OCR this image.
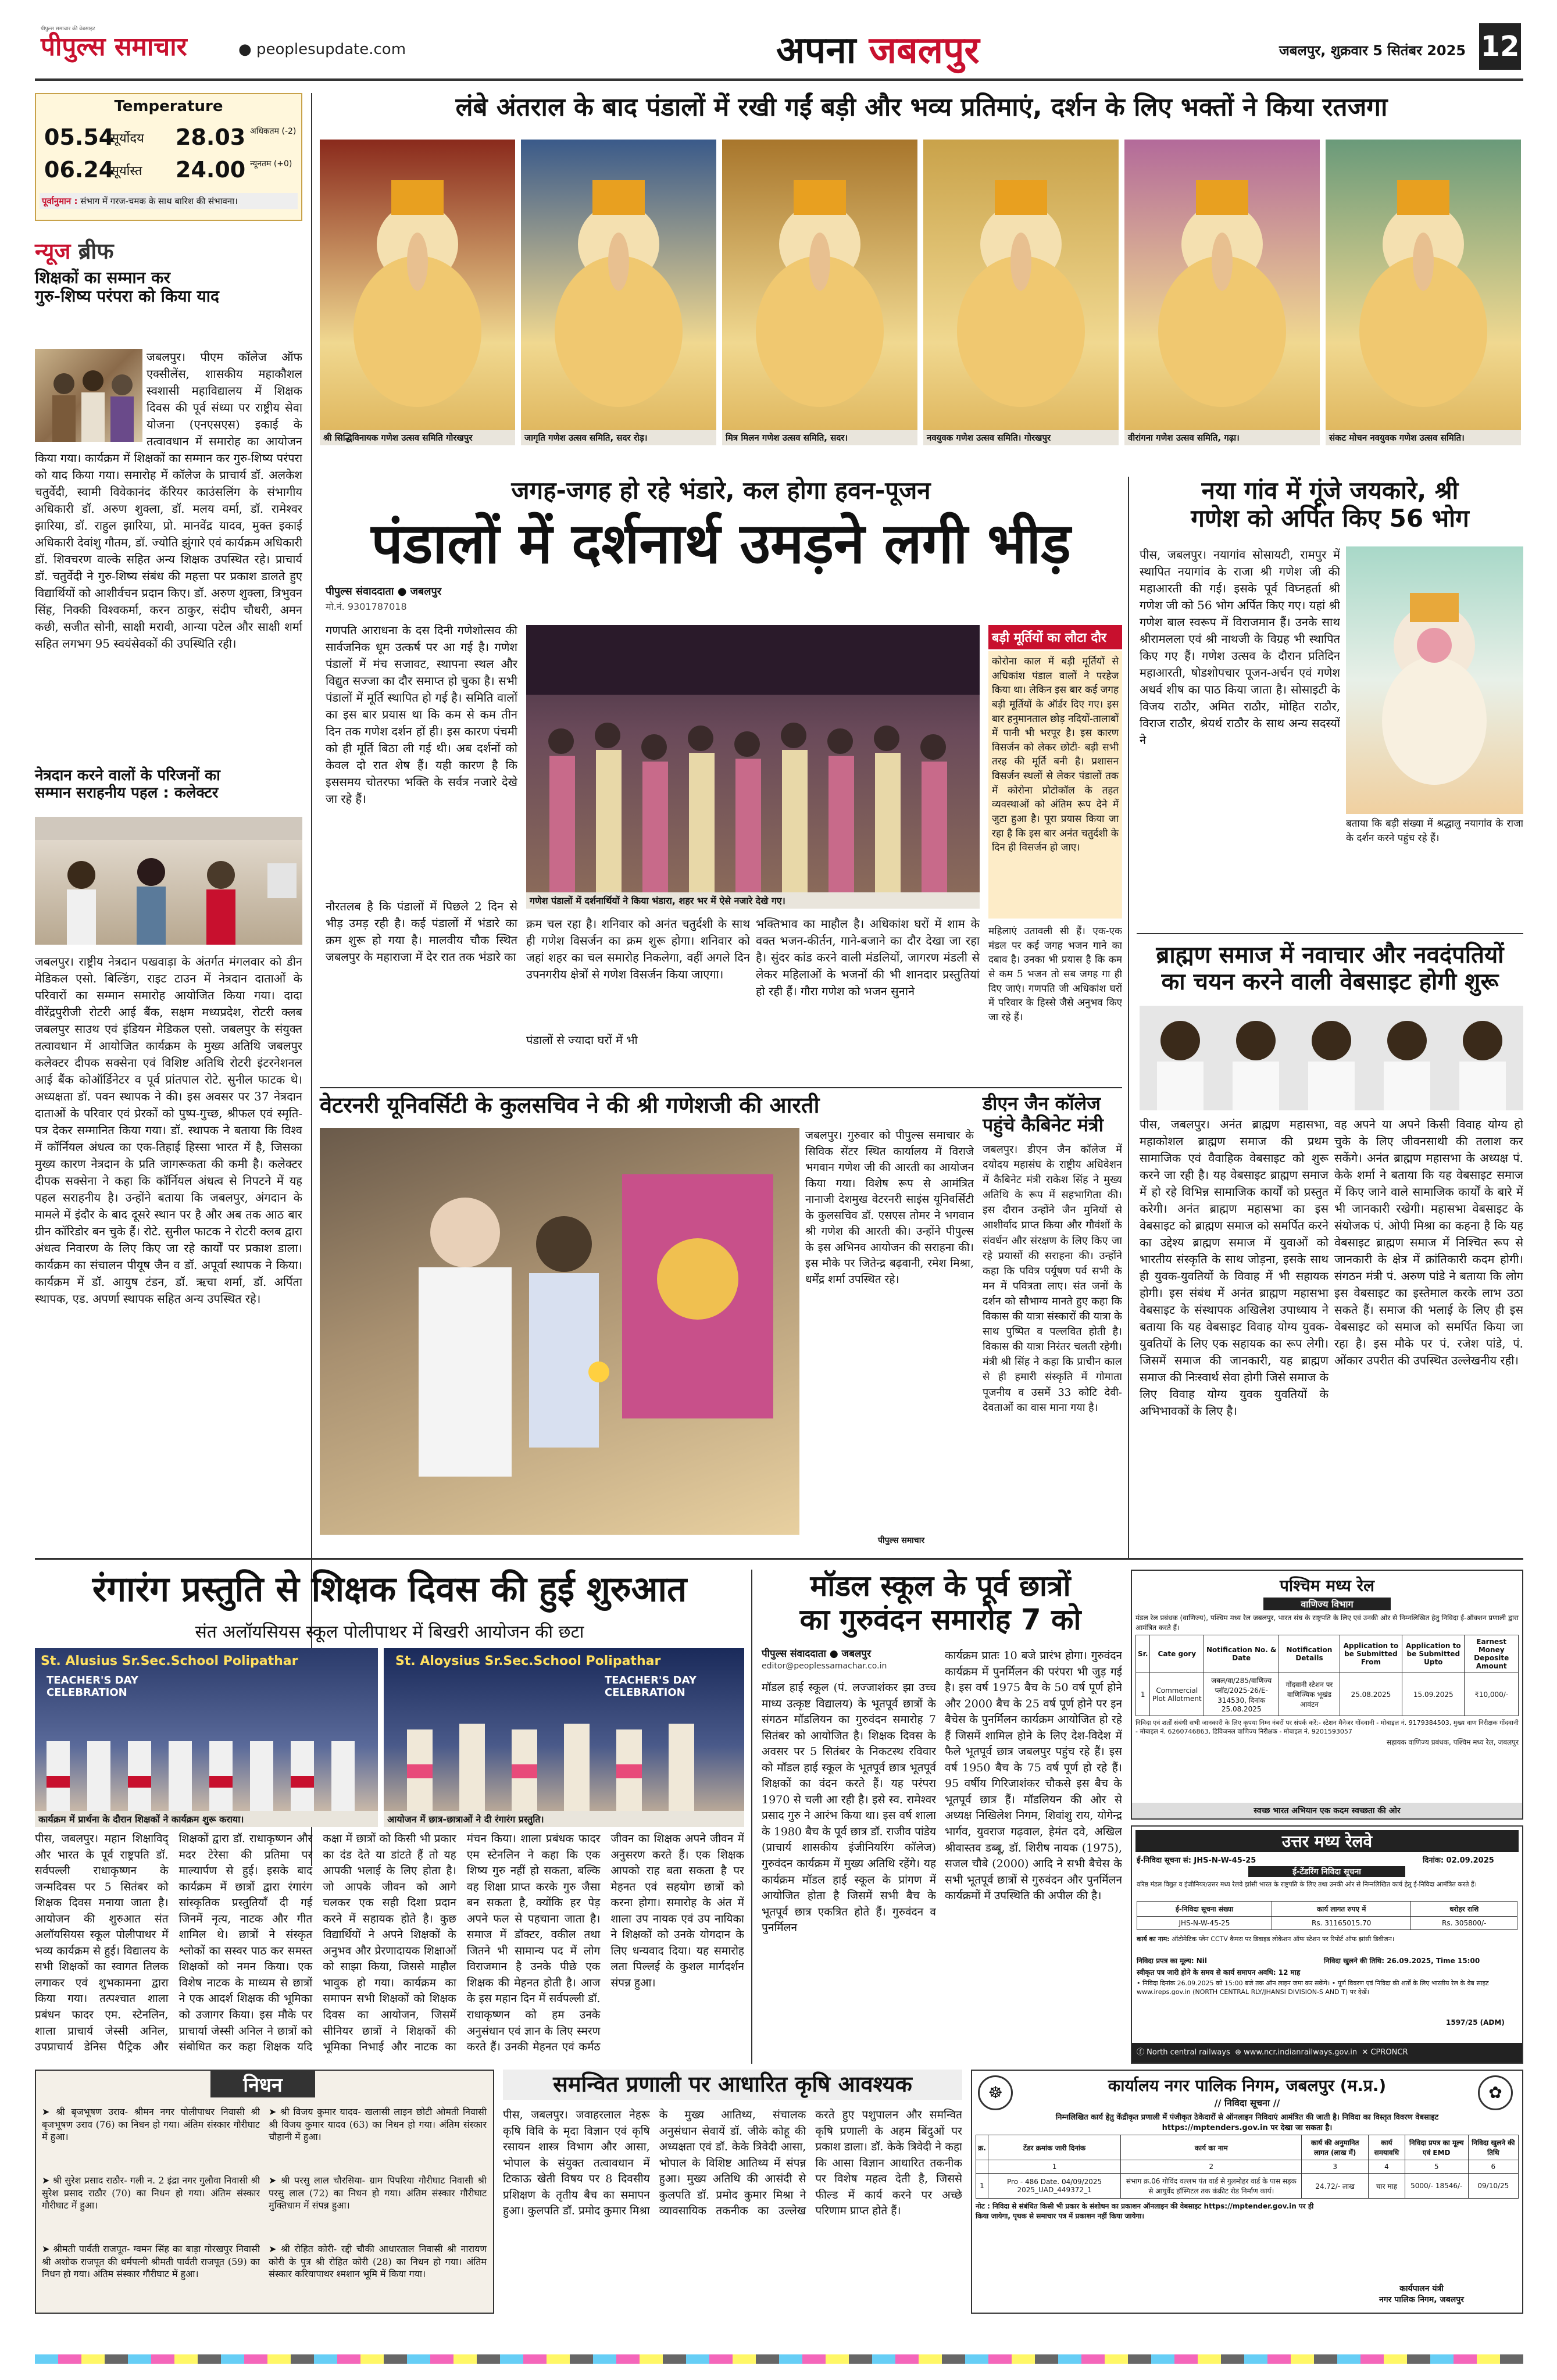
पीपुल्स समाचार
पीपुल्स समाचार की वेबसाइट
● peoplesupdate.com	अपना जबलपुर	जबलपुर, शुक्रवार 5 सितंबर 2025 12
Temperature
05.54
सूर्योदय
06.24
सूर्यास्त
28.03 अधिकतम (-2)
24.00 न्यूनतम (+0)
पूर्वानुमान : संभाग में गरज-चमक के साथ बारिश की संभावना।
न्यूज ब्रीफ
शिक्षकों का सम्मान कर
गुरु-शिष्य परंपरा को किया याद
जबलपुर। पीएम कॉलेज ऑफ एक्सीलेंस, शासकीय महाकौशल स्वशासी महाविद्यालय में शिक्षक दिवस की पूर्व संध्या पर राष्ट्रीय सेवा योजना (एनएसएस) इकाई के तत्वावधान में समारोह का आयोजन किया गया। कार्यक्रम में शिक्षकों का सम्मान कर गुरु-शिष्य परंपरा को याद किया गया। समारोह में कॉलेज के प्राचार्य डॉ. अलकेश चतुर्वेदी, स्वामी विवेकानंद कॅरियर काउंसलिंग के संभागीय अधिकारी डॉ. अरुण शुक्ला, डॉ. मलय वर्मा, डॉ. रामेश्वर झारिया, डॉ. राहुल झारिया, प्रो. मानवेंद्र यादव, मुक्त इकाई अधिकारी देवांशु गौतम, डॉ. ज्योति झुंगारे एवं कार्यक्रम अधिकारी डॉ. शिवचरण वाल्के सहित अन्य शिक्षक उपस्थित रहे। प्राचार्य डॉ. चतुर्वेदी ने गुरु-शिष्य संबंध की महत्ता पर प्रकाश डालते हुए विद्यार्थियों को आशीर्वचन प्रदान किए। डॉ. अरुण शुक्ला, त्रिभुवन सिंह, निक्की विश्वकर्मा, करन ठाकुर, संदीप चौधरी, अमन कछी, सजीत सोनी, साक्षी मरावी, आन्या पटेल और साक्षी शर्मा सहित लगभग 95 स्वयंसेवकों की उपस्थिति रही।
नेत्रदान करने वालों के परिजनों का
सम्मान सराहनीय पहल : कलेक्टर
जबलपुर। राष्ट्रीय नेत्रदान पखवाड़ा के अंतर्गत मंगलवार को डीन मेडिकल एसो. बिल्डिंग, राइट टाउन में नेत्रदान दाताओं के परिवारों का सम्मान समारोह आयोजित किया गया। दादा वीरेंद्रपुरीजी रोटरी आई बैंक, सक्षम मध्यप्रदेश, रोटरी क्लब जबलपुर साउथ एवं इंडियन मेडिकल एसो. जबलपुर के संयुक्त तत्वावधान में आयोजित कार्यक्रम के मुख्य अतिथि जबलपुर कलेक्टर दीपक सक्सेना एवं विशिष्ट अतिथि रोटरी इंटरनेशनल आई बैंक कोऑर्डिनेटर व पूर्व प्रांतपाल रोटे. सुनील फाटक थे। अध्यक्षता डॉ. पवन स्थापक ने की। इस अवसर पर 37 नेत्रदान दाताओं के परिवार एवं प्रेरकों को पुष्प-गुच्छ, श्रीफल एवं स्मृति-पत्र देकर सम्मानित किया गया। डॉ. स्थापक ने बताया कि विश्व में कॉर्नियल अंधत्व का एक-तिहाई हिस्सा भारत में है, जिसका मुख्य कारण नेत्रदान के प्रति जागरूकता की कमी है। कलेक्टर दीपक सक्सेना ने कहा कि कॉर्नियल अंधत्व से निपटने में यह पहल सराहनीय है। उन्होंने बताया कि जबलपुर, अंगदान के मामले में इंदौर के बाद दूसरे स्थान पर है और अब तक आठ बार ग्रीन कॉरिडोर बन चुके हैं। रोटे. सुनील फाटक ने रोटरी क्लब द्वारा अंधत्व निवारण के लिए किए जा रहे कार्यों पर प्रकाश डाला। कार्यक्रम का संचालन पीयूष जैन व डॉ. अपूर्वा स्थापक ने किया। कार्यक्रम में डॉ. आयुष टंडन, डॉ. ऋचा शर्मा, डॉ. अर्पिता स्थापक, एड. अपर्णा स्थापक सहित अन्य उपस्थित रहे।
लंबे अंतराल के बाद पंडालों में रखी गईं बड़ी और भव्य प्रतिमाएं, दर्शन के लिए भक्तों ने किया रतजगा
श्री सिद्धिविनायक गणेश उत्सव समिति गोरखपुर	जागृति गणेश उत्सव समिति, सदर रोड़।	मित्र मिलन गणेश उत्सव समिति, सदर।	नवयुवक गणेश उत्सव समिति। गोरखपुर	वीरांगना गणेश उत्सव समिति, गढ़ा।	संकट मोचन नवयुवक गणेश उत्सव समिति।
जगह-जगह हो रहे भंडारे, कल होगा हवन-पूजन
पंडालों में दर्शनार्थ उमड़ने लगी भीड़
पीपुल्स संवाददाता ● जबलपुर
मो.नं. 9301787018
गणपति आराधना के दस दिनी गणेशोत्सव की सार्वजनिक धूम उत्कर्ष पर आ गई है। गणेश पंडालों में मंच सजावट, स्थापना स्थल और विद्युत सज्जा का दौर समाप्त हो चुका है। सभी पंडालों में मूर्ति स्थापित हो गई है। समिति वालों का इस बार प्रयास था कि कम से कम तीन दिन तक गणेश दर्शन हों ही। इस कारण पंचमी को ही मूर्ति बिठा ली गई थी। अब दर्शनों को केवल दो रात शेष हैं। यही कारण है कि इससमय चोतरफा भक्ति के सर्वत्र नजारे देखे जा रहे हैं।
नौरतलब है कि पंडालों में पिछले 2 दिन से भीड़ उमड़ रही है। कई पंडालों में भंडारे का क्रम शुरू हो गया है। मालवीय चौक स्थित जबलपुर के महाराजा में देर रात तक भंडारे का
गणेश पंडालों में दर्शनार्थियों ने किया भंडारा, शहर भर में ऐसे नजारे देखे गए।
क्रम चल रहा है। शनिवार को अनंत चतुर्दशी के साथ ही गणेश विसर्जन का क्रम शुरू होगा। शनिवार को जहां शहर का चल समारोह निकलेगा, वहीं अगले दिन उपनगरीय क्षेत्रों से गणेश विसर्जन किया जाएगा।
पंडालों से ज्यादा घरों में भी
भक्तिभाव का माहौल है। अधिकांश घरों में शाम के वक्त भजन-कीर्तन, गाने-बजाने का दौर देखा जा रहा है। सुंदर कांड करने वाली मंडलियों, जागरण मंडली से लेकर महिलाओं के भजनों की भी शानदार प्रस्तुतियां हो रही हैं। गौरा गणेश को भजन सुनाने
बड़ी मूर्तियों का लौटा दौर
कोरोना काल में बड़ी मूर्तियों से अधिकांश पंडाल वालों ने परहेज किया था। लेकिन इस बार कई जगह बड़ी मूर्तियों के ऑर्डर दिए गए। इस बार हनुमानताल छोड़ नदियों-तालाबों में पानी भी भरपूर है। इस कारण विसर्जन को लेकर छोटी- बड़ी सभी तरह की मूर्ति बनी है। प्रशासन विसर्जन स्थलों से लेकर पंडालों तक में कोरोना प्रोटोकॉल के तहत व्यवस्थाओं को अंतिम रूप देने में जुटा हुआ है। पूरा प्रयास किया जा रहा है कि इस बार अनंत चतुर्दशी के दिन ही विसर्जन हो जाए।
महिलाएं उतावली सी हैं। एक-एक मंडल पर कई जगह भजन गाने का दबाव है। उनका भी प्रयास है कि कम से कम 5 भजन तो सब जगह गा ही दिए जाएं। गणपति जी अधिकांश घरों में परिवार के हिस्से जैसे अनुभव किए जा रहे हैं।
नया गांव में गूंजे जयकारे, श्री
गणेश को अर्पित किए 56 भोग
पीस, जबलपुर। नयागांव सोसायटी, रामपुर में स्थापित नयागांव के राजा श्री गणेश जी की महाआरती की गई। इसके पूर्व विघ्नहर्ता श्री गणेश जी को 56 भोग अर्पित किए गए। यहां श्री गणेश बाल स्वरूप में विराजमान हैं। उनके साथ श्रीरामलला एवं श्री नाथजी के विग्रह भी स्थापित किए गए हैं। गणेश उत्सव के दौरान प्रतिदिन महाआरती, षोडशोपचार पूजन-अर्चन एवं गणेश अथर्व शीष का पाठ किया जाता है। सोसाइटी के विजय राठौर, अमित राठौर, मोहित राठौर, विराज राठौर, श्रेयर्थ राठौर के साथ अन्य सदस्यों ने
बताया कि बड़ी संख्या में श्रद्धालु नयागांव के राजा के दर्शन करने पहुंच रहे हैं।
ब्राह्मण समाज में नवाचार और नवदंपतियों
का चयन करने वाली वेबसाइट होगी शुरू
पीस, जबलपुर। अनंत ब्राह्मण महासभा, महाकोशल ब्राह्मण समाज की प्रथम सामाजिक एवं वैवाहिक वेबसाइट को शुरू करने जा रही है। यह वेबसाइट ब्राह्मण समाज में हो रहे विभिन्न सामाजिक कार्यों को प्रस्तुत करेगी। अनंत ब्राह्मण महासभा का इस वेबसाइट को ब्राह्मण समाज को समर्पित करने का उद्देश्य ब्राह्मण समाज में युवाओं को भारतीय संस्कृति के साथ जोड़ना, इसके साथ ही युवक-युवतियों के विवाह में भी सहायक होगी। इस संबंध में अनंत ब्राह्मण महासभा वेबसाइट के संस्थापक अखिलेश उपाध्याय ने बताया कि यह वेबसाइट विवाह योग्य युवक-युवतियों के लिए एक सहायक का रूप लेगी। जिसमें समाज की जानकारी, यह ब्राह्मण समाज की निःस्वार्थ सेवा होगी जिसे समाज के लिए विवाह योग्य युवक युवतियों के अभिभावकों के लिए है।
वह अपने या अपने किसी विवाह योग्य हो चुके के लिए जीवनसाथी की तलाश कर सकेंगे। अनंत ब्राह्मण महासभा के अध्यक्ष पं. केके शर्मा ने बताया कि यह वेबसाइट समाज में किए जाने वाले सामाजिक कार्यों के बारे में भी जानकारी रखेगी। महासभा वेबसाइट के संयोजक पं. ओपी मिश्रा का कहना है कि यह वेबसाइट ब्राह्मण समाज में निश्चित रूप से जानकारी के क्षेत्र में क्रांतिकारी कदम होगी। संगठन मंत्री पं. अरुण पांडे ने बताया कि लोग इस वेबसाइट का इस्तेमाल करके लाभ उठा सकते हैं। समाज की भलाई के लिए ही इस वेबसाइट को समाज को समर्पित किया जा रहा है। इस मौके पर पं. रजेश पांडे, पं. ओंकार उपरीत की उपस्थित उल्लेखनीय रही।
वेटरनरी यूनिवर्सिटी के कुलसचिव ने की श्री गणेशजी की आरती
जबलपुर। गुरुवार को पीपुल्स समाचार के सिविक सेंटर स्थित कार्यालय में विराजे भगवान गणेश जी की आरती का आयोजन किया गया। विशेष रूप से आमंत्रित नानाजी देशमुख वेटरनरी साइंस यूनिवर्सिटी के कुलसचिव डॉ. एसएस तोमर ने भगवान श्री गणेश की आरती की। उन्होंने पीपुल्स के इस अभिनव आयोजन की सराहना की। इस मौके पर जितेन्द्र बढ़वानी, रमेश मिश्रा, धर्मेंद्र शर्मा उपस्थित रहे।
पीपुल्स समाचार
डीएन जैन कॉलेज
पहुंचे कैबिनेट मंत्री
जबलपुर। डीएन जैन कॉलेज में दयोदय महासंघ के राष्ट्रीय अधिवेशन में कैबिनेट मंत्री राकेश सिंह ने मुख्य अतिथि के रूप में सहभागिता की। इस दौरान उन्होंने जैन मुनियों से आशीर्वाद प्राप्त किया और गौवंशों के संवर्धन और संरक्षण के लिए किए जा रहे प्रयासों की सराहना की। उन्होंने कहा कि पवित्र पर्यूषण पर्व सभी के मन में पवित्रता लाए। संत जनों के दर्शन को सौभाग्य मानते हुए कहा कि विकास की यात्रा संस्कारों की यात्रा के साथ पुष्पित व पल्लवित होती है। विकास की यात्रा निरंतर चलती रहेगी। मंत्री श्री सिंह ने कहा कि प्राचीन काल से ही हमारी संस्कृति में गोमाता पूजनीय व उसमें 33 कोटि देवी-देवताओं का वास माना गया है।
रंगारंग प्रस्तुति से शिक्षक दिवस की हुई शुरुआत
संत अलॉयसियस स्कूल पोलीपाथर में बिखरी आयोजन की छटा
St. Alusius Sr.Sec.School Polipathar
TEACHER'S DAY CELEBRATION
कार्यक्रम में प्रार्थना के दौरान शिक्षकों ने कार्यक्रम शुरू कराया।
St. Aloysius Sr.Sec.School Polipathar
TEACHER'S DAY CELEBRATION
आयोजन में छात्र-छात्राओं ने दी रंगारंग प्रस्तुति।
पीस, जबलपुर। महान शिक्षाविद् और भारत के पूर्व राष्ट्रपति डॉ. सर्वपल्ली राधाकृष्णन के जन्मदिवस पर 5 सितंबर को शिक्षक दिवस मनाया जाता है। आयोजन की शुरुआत संत अलॉयसियस स्कूल पोलीपाथर में भव्य कार्यक्रम से हुई। विद्यालय के सभी शिक्षकों का स्वागत तिलक लगाकर एवं शुभकामना द्वारा किया गया। तत्पश्चात शाला प्रबंधन फादर एम. स्टेनलिन, शाला प्राचार्य जेस्सी अनिल, उपप्राचार्य डेनिस पैट्रिक और शिक्षकों द्वारा डॉ. राधाकृष्णन और मदर टेरेसा की प्रतिमा पर माल्यार्पण से हुई। इसके बाद कार्यक्रम में छात्रों द्वारा रंगारंग सांस्कृतिक प्रस्तुतियाँ दी गई जिनमें नृत्य, नाटक और गीत शामिल थे। छात्रों ने संस्कृत श्लोकों का सस्वर पाठ कर समस्त शिक्षकों को नमन किया। एक विशेष नाटक के माध्यम से छात्रों ने एक आदर्श शिक्षक की भूमिका को उजागर किया। इस मौके पर प्राचार्या जेस्सी अनिल ने छात्रों को संबोधित कर कहा शिक्षक यदि कक्षा में छात्रों को किसी भी प्रकार का दंड देते या डांटते हैं तो यह आपकी भलाई के लिए होता है। जो आपके जीवन को आगे चलकर एक सही दिशा प्रदान करने में सहायक होते है। कुछ विद्यार्थियों ने अपने शिक्षकों के अनुभव और प्रेरणादायक शिक्षाओं को साझा किया, जिससे माहौल भावुक हो गया। कार्यक्रम का समापन सभी शिक्षकों को शिक्षक दिवस का आयोजन, जिसमें सीनियर छात्रों ने शिक्षकों की भूमिका निभाई और नाटक का मंचन किया। शाला प्रबंधक फादर एम स्टेनलिन ने कहा कि एक शिष्य गुरु नहीं हो सकता, बल्कि वह शिक्षा प्राप्त करके गुरु जैसा बन सकता है, क्योंकि हर पेड़ अपने फल से पहचाना जाता है। समाज में डॉक्टर, वकील तथा जितने भी सामान्य पद में लोग विराजमान है उनके पीछे एक शिक्षक की मेहनत होती है। आज के इस महान दिन में सर्वपल्ली डॉ. राधाकृष्णन को हम उनके अनुसंधान एवं ज्ञान के लिए स्मरण करते हैं। उनकी मेहनत एवं कर्मठ जीवन का शिक्षक अपने जीवन में अनुसरण करते हैं। एक शिक्षक आपको राह बता सकता है पर मेहनत एवं सहयोग छात्रों को करना होगा। समारोह के अंत में शाला उप नायक एवं उप नायिका ने शिक्षकों को उनके योगदान के लिए धन्यवाद दिया। यह समारोह लता पिल्लई के कुशल मार्गदर्शन संपन्न हुआ।
मॉडल स्कूल के पूर्व छात्रों
का गुरुवंदन समारोह 7 को
पीपुल्स संवाददाता ● जबलपुर
editor@peoplessamachar.co.in
मॉडल हाई स्कूल (पं. लज्जाशंकर झा उच्च माध्य उत्कृष्ट विद्यालय) के भूतपूर्व छात्रों के संगठन मॉडलियन का गुरुवंदन समारोह 7 सितंबर को आयोजित है। शिक्षक दिवस के अवसर पर 5 सितंबर के निकटस्थ रविवार को मॉडल हाई स्कूल के भूतपूर्व छात्र भूतपूर्व शिक्षकों का वंदन करते हैं। यह परंपरा 1970 से चली आ रही है। इसे स्व. रामेश्वर प्रसाद गुरु ने आरंभ किया था। इस वर्ष शाला के 1980 बैच के पूर्व छात्र डॉ. राजीव पांडेय (प्राचार्य शासकीय इंजीनियरिंग कॉलेज) गुरुवंदन कार्यक्रम में मुख्य अतिथि रहेंगे। यह कार्यक्रम मॉडल हाई स्कूल के प्रांगण में आयोजित होता है जिसमें सभी बैच के भूतपूर्व छात्र एकत्रित होते हैं। गुरुवंदन व पुनर्मिलन
कार्यक्रम प्रातः 10 बजे प्रारंभ होगा। गुरुवंदन कार्यक्रम में पुनर्मिलन की परंपरा भी जुड़ गई है। इस वर्ष 1975 बैच के 50 वर्ष पूर्ण होने और 2000 बैच के 25 वर्ष पूर्ण होने पर इन बैचेस के पुनर्मिलन कार्यक्रम आयोजित हो रहे हैं जिसमें शामिल होने के लिए देश-विदेश में फैले भूतपूर्व छात्र जबलपुर पहुंच रहे हैं। इस वर्ष 1950 बैच के 75 वर्ष पूर्ण हो रहे हैं। 95 वर्षीय गिरिजाशंकर चौकसे इस बैच के भूतपूर्व छात्र हैं। मॉडलियन की ओर से अध्यक्ष निखिलेश निगम, शिवांशु राय, योगेन्द्र भार्गव, युवराज गढ़वाल, हेमंत दवे, अखिल श्रीवास्तव डब्बू, डॉ. शिरीष नायक (1975), सजल चौबे (2000) आदि ने सभी बैचेस के सभी भूतपूर्व छात्रों से गुरुवंदन और पुनर्मिलन कार्यक्रमों में उपस्थिति की अपील की है।
पश्चिम मध्य रेल
वाणिज्य विभाग
मंडल रेल प्रबंधक (वाणिज्य), पश्चिम मध्य रेल जबलपुर, भारत संघ के राष्ट्रपति के लिए एवं उनकी ओर से निम्नलिखित हेतु निविदा ई-ऑक्शन प्रणाली द्वारा आमंत्रित करते हैं।
Sr.	Cate gory	Notification No. & Date	Notification Details	Application to be Submitted From	Application to be Submitted Upto	Earnest Money Deposite Amount
1	Commercial Plot Allotment	जबल/वा/285/वाणिज्य प्लॉट/2025-26/E-314530, दिनांक 25.08.2025	गोंदवानी स्टेशन पर वाणिज्यिक भूखंड आवंटन	25.08.2025	15.09.2025	₹10,000/-
निविदा एवं शर्तों संबंधी सभी जानकारी के लिए कृपया निम्न नंबरों पर संपर्क करें:- स्टेशन मैनेजर गोंदवानी - मोबाइल नं. 9179384503, मुख्य वाण निरीक्षक गोंदवानी - मोबाइल नं. 6260746863, डिविजनल वाणिज्य निरीक्षक - मोबाइल नं. 9201593057
सहायक वाणिज्य प्रबंधक, पश्चिम मध्य रेल, जबलपुर
स्वच्छ भारत अभियान एक कदम स्वच्छता की ओर
उत्तर मध्य रेलवे
ई-निविदा सूचना सं: JHS-N-W-45-25	दिनांक: 02.09.2025
ई-टेंडरिंग निविदा सूचना
वरिष्ठ मंडल विद्युत व इंजीनियर/उत्तर मध्य रेलवे झांसी भारत के राष्ट्रपति के लिए तथा उनकी ओर से निम्नलिखित कार्य हेतु ई-निविदा आमंत्रित करते हैं।
ई-निविदा सूचना संख्या	कार्य लागत रुपए में	धरोहर राशि
JHS-N-W-45-25	Rs. 31165015.70	Rs. 305800/-
कार्य का नाम: ऑटोमेटिक प्लेन CCTV कैमरा पर डिवाइड लोकेशन ऑफ स्टेशन पर रिपोर्ट ऑफ झांसी डिवीजन।
निविदा प्रपत्र का मूल्य: Nil	निविदा खुलने की तिथि: 26.09.2025, Time 15:00
स्वीकृत पत्र जारी होने के समय से कार्य समापन अवधि: 12 माह
• निविदा दिनांक 26.09.2025 को 15:00 बजे तक ऑन लाइन जमा कर सकेंगे। • पूर्ण विवरण एवं निविदा की शर्तों के लिए भारतीय रेल के वेब साइट www.ireps.gov.in (NORTH CENTRAL RLY/JHANSI DIVISION-S AND T) पर देखें।
1597/25 (ADM)
ⓕ North central railways ⊕ www.ncr.indianrailways.gov.in ✕ CPRONCR
निधन
➤ श्री बृजभूषण उराव- श्रीमन नगर पोलीपाथर निवासी श्री बृजभूषण उराव (76) का निधन हो गया। अंतिम संस्कार गौरीघाट में हुआ।
➤ श्री सुरेश प्रसाद राठौर- गली न. 2 इंद्रा नगर गुलौवा निवासी श्री सुरेश प्रसाद राठौर (70) का निधन हो गया। अंतिम संस्कार गौरीघाट में हुआ।
➤ श्रीमती पार्वती राजपूत- ग्वमन सिंह का बाड़ा गोरखपुर निवासी श्री अशोक राजपूत की धर्मपत्नी श्रीमती पार्वती राजपूत (59) का निधन हो गया। अंतिम संस्कार गौरीघाट में हुआ।
➤ श्री विजय कुमार यादव- खलासी लाइन छोटी ओमती निवासी श्री विजय कुमार यादव (63) का निधन हो गया। अंतिम संस्कार चौहानी में हुआ।
➤ श्री परसु लाल चौरसिया- ग्राम पिपरिया गौरीघाट निवासी श्री परसु लाल (72) का निधन हो गया। अंतिम संस्कार गौरीघाट मुक्तिधाम में संपन्न हुआ।
➤ श्री रोहित कोरी- रद्दी चौकी आधारताल निवासी श्री नारायण कोरी के पुत्र श्री रोहित कोरी (28) का निधन हो गया। अंतिम संस्कार करियापाथर श्मशान भूमि में किया गया।
समन्वित प्रणाली पर आधारित कृषि आवश्यक
पीस, जबलपुर। जवाहरलाल नेहरू कृषि विवि के मृदा विज्ञान एवं कृषि रसायन शास्त्र विभाग और आसा, भोपाल के संयुक्त तत्वावधान में टिकाऊ खेती विषय पर 8 दिवसीय प्रशिक्षण के तृतीय बैच का समापन हुआ। कुलपति डॉ. प्रमोद कुमार मिश्रा के मुख्य आतिथ्य, संचालक अनुसंधान सेवायें डॉ. जीके कोहू की अध्यक्षता एवं डॉ. केके त्रिवेदी आसा, भोपाल के विशिष्ट आतिथ्य में संपन्न हुआ। मुख्य अतिथि की आसंदी से कुलपति डॉ. प्रमोद कुमार मिश्रा ने व्यावसायिक तकनीक का उल्लेख करते हुए पशुपालन और समन्वित कृषि प्रणाली के अहम बिंदुओं पर प्रकाश डाला। डॉ. केके त्रिवेदी ने कहा कि आसा विज्ञान आधारित तकनीक पर विशेष महत्व देती है, जिससे फील्ड में कार्य करने पर अच्छे परिणाम प्राप्त होते हैं।
☸	✿
कार्यालय नगर पालिक निगम, जबलपुर (म.प्र.)
// निविदा सूचना //
निम्नलिखित कार्य हेतु केंद्रीकृत प्रणाली में पंजीकृत ठेकेदारों से ऑनलाइन निविदाएं आमंत्रित की जाती है। निविदा का विस्तृत विवरण वेबसाइट https://mptenders.gov.in पर देखा जा सकता है।
क्र.	टेंडर क्रमांक जारी दिनांक	कार्य का नाम	कार्य की अनुमानित लागत (लाख में)	कार्य समयावधि	निविदा प्रपत्र का मूल्य एवं EMD	निविदा खुलने की तिथि
	1	2	3	4	5	6
1	Pro - 486 Date. 04/09/2025 2025_UAD_449372_1	संभाग क्र.06 गोविंद वल्लभ पंत वार्ड से गुलमोहर वार्ड के पास सड़क से आयुर्वेद हॉस्पिटल तक कंक्रीट रोड निर्माण कार्य।	24.72/- लाख	चार माह	5000/- 18546/-	09/10/25
नोट : निविदा से संबंधित किसी भी प्रकार के संशोधन का प्रकाशन ऑनलाइन की वेबसाइट https://mptender.gov.in पर ही किया जायेगा, पृथक से समाचार पत्र में प्रकाशन नहीं किया जायेगा।
कार्यपालन यंत्री
नगर पालिक निगम, जबलपुर
